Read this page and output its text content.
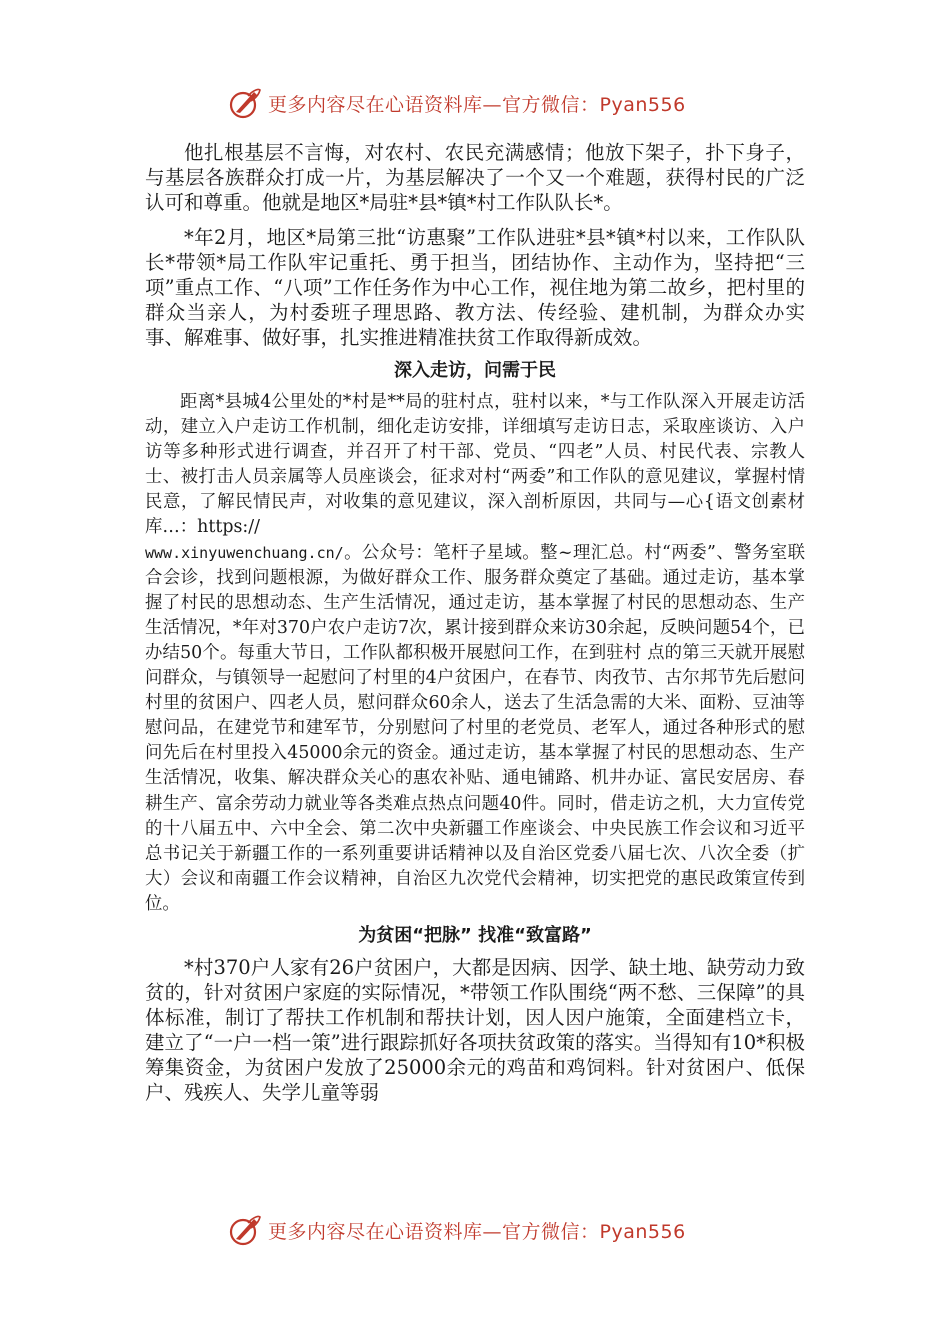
更多内容尽在心语资料库—官方微信：Pyan556

他扎根基层不言悔，对农村、农民充满感情；他放下架子，扑下身子，与基层各族群众打成一片，为基层解决了一个又一个难题，获得村民的广泛认可和尊重。他就是地区*局驻*县*镇*村工作队队长*。

*年2月，地区*局第三批“访惠聚”工作队进驻*县*镇*村以来，工作队队长*带领*局工作队牢记重托、勇于担当，团结协作、主动作为，坚持把“三项”重点工作、“八项”工作任务作为中心工作，视住地为第二故乡，把村里的群众当亲人，为村委班子理思路、教方法、传经验、建机制，为群众办实事、解难事、做好事，扎实推进精准扶贫工作取得新成效。

深入走访，问需于民

距离*县城4公里处的*村是**局的驻村点，驻村以来，*与工作队深入开展走访活动，建立入户走访工作机制，细化走访安排，详细填写走访日志，采取座谈访、入户访等多种形式进行调查，并召开了村干部、党员、“四老”人员、村民代表、宗教人士、被打击人员亲属等人员座谈会，征求对村“两委”和工作队的意见建议，掌握村情民意，了解民情民声，对收集的意见建议，深入剖析原因，共同与—心{语文创素材库…：https://
www.xinyuwenchuang.cn/。公众号：笔杆子星域。整~理汇总。村“两委”、警务室联合会诊，找到问题根源，为做好群众工作、服务群众奠定了基础。通过走访，基本掌握了村民的思想动态、生产生活情况，通过走访，基本掌握了村民的思想动态、生产生活情况，*年对370户农户走访7次，累计接到群众来访30余起，反映问题54个，已办结50个。每重大节日，工作队都积极开展慰问工作，在到驻村 点的第三天就开展慰问群众，与镇领导一起慰问了村里的4户贫困户，在春节、肉孜节、古尔邦节先后慰问村里的贫困户、四老人员，慰问群众60余人，送去了生活急需的大米、面粉、豆油等慰问品，在建党节和建军节，分别慰问了村里的老党员、老军人，通过各种形式的慰问先后在村里投入45000余元的资金。通过走访，基本掌握了村民的思想动态、生产生活情况，收集、解决群众关心的惠农补贴、通电铺路、机井办证、富民安居房、春耕生产、富余劳动力就业等各类难点热点问题40件。同时，借走访之机，大力宣传党的十八届五中、六中全会、第二次中央新疆工作座谈会、中央民族工作会议和习近平总书记关于新疆工作的一系列重要讲话精神以及自治区党委八届七次、八次全委（扩大）会议和南疆工作会议精神，自治区九次党代会精神，切实把党的惠民政策宣传到位。

为贫困“把脉” 找准“致富路”

*村370户人家有26户贫困户，大都是因病、因学、缺土地、缺劳动力致贫的，针对贫困户家庭的实际情况，*带领工作队围绕“两不愁、三保障”的具体标准，制订了帮扶工作机制和帮扶计划，因人因户施策，全面建档立卡，建立了“一户一档一策”进行跟踪抓好各项扶贫政策的落实。当得知有10*积极筹集资金，为贫困户发放了25000余元的鸡苗和鸡饲料。针对贫困户、低保户、残疾人、失学儿童等弱

更多内容尽在心语资料库—官方微信：Pyan556
